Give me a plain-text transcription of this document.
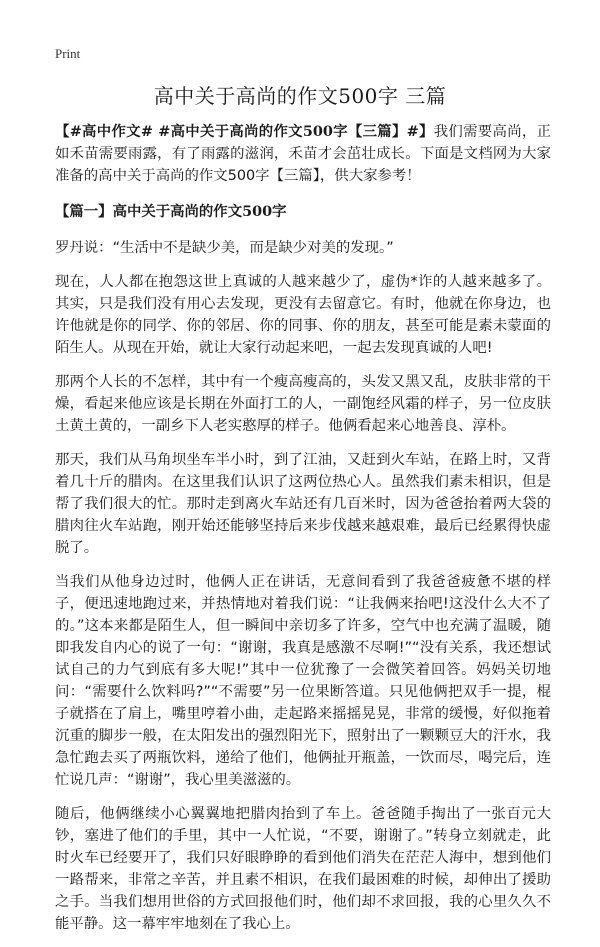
Print
高中关于高尚的作文500字 三篇

【#高中作文# #高中关于高尚的作文500字【三篇】#】我们需要高尚，正如禾苗需要雨露，有了雨露的滋润，禾苗才会茁壮成长。下面是文档网为大家准备的高中关于高尚的作文500字【三篇】，供大家参考！

【篇一】高中关于高尚的作文500字

罗丹说：“生活中不是缺少美，而是缺少对美的发现。”

现在，人人都在抱怨这世上真诚的人越来越少了，虚伪*诈的人越来越多了。其实，只是我们没有用心去发现，更没有去留意它。有时，他就在你身边，也许他就是你的同学、你的邻居、你的同事、你的朋友，甚至可能是素未蒙面的陌生人。从现在开始，就让大家行动起来吧，一起去发现真诚的人吧!

那两个人长的不怎样，其中有一个瘦高瘦高的，头发又黑又乱，皮肤非常的干燥，看起来他应该是长期在外面打工的人，一副饱经风霜的样子，另一位皮肤土黄土黄的，一副乡下人老实憨厚的样子。他俩看起来心地善良、淳朴。

那天，我们从马角坝坐车半小时，到了江油，又赶到火车站，在路上时，又背着几十斤的腊肉。在这里我们认识了这两位热心人。虽然我们素未相识，但是帮了我们很大的忙。那时走到离火车站还有几百米时，因为爸爸抬着两大袋的腊肉往火车站跑，刚开始还能够坚持后来步伐越来越艰难，最后已经累得快虚脱了。

当我们从他身边过时，他俩人正在讲话，无意间看到了我爸爸疲惫不堪的样子，便迅速地跑过来，并热情地对着我们说：“让我俩来抬吧!这没什么大不了的。”这本来都是陌生人，但一瞬间中亲切多了许多，空气中也充满了温暖，随即我发自内心的说了一句：“谢谢，我真是感激不尽啊!”“没有关系，我还想试试自己的力气到底有多大呢!”其中一位犹豫了一会微笑着回答。妈妈关切地问：“需要什么饮料吗?”“不需要”另一位果断答道。只见他俩把双手一提，棍子就搭在了肩上，嘴里哼着小曲，走起路来摇摇晃晃，非常的缓慢，好似拖着沉重的脚步一般，在太阳发出的强烈阳光下，照射出了一颗颗豆大的汗水，我急忙跑去买了两瓶饮料，递给了他们，他俩扯开瓶盖，一饮而尽，喝完后，连忙说几声：“谢谢”，我心里美滋滋的。

随后，他俩继续小心翼翼地把腊肉抬到了车上。爸爸随手掏出了一张百元大钞，塞进了他们的手里，其中一人忙说，“不要，谢谢了。”转身立刻就走，此时火车已经要开了，我们只好眼睁睁的看到他们消失在茫茫人海中，想到他们一路帮来，非常之辛苦，并且素不相识，在我们最困难的时候，却伸出了援助之手。当我们想用世俗的方式回报他们时，他们却不求回报，我的心里久久不能平静。这一幕牢牢地刻在了我心上。
